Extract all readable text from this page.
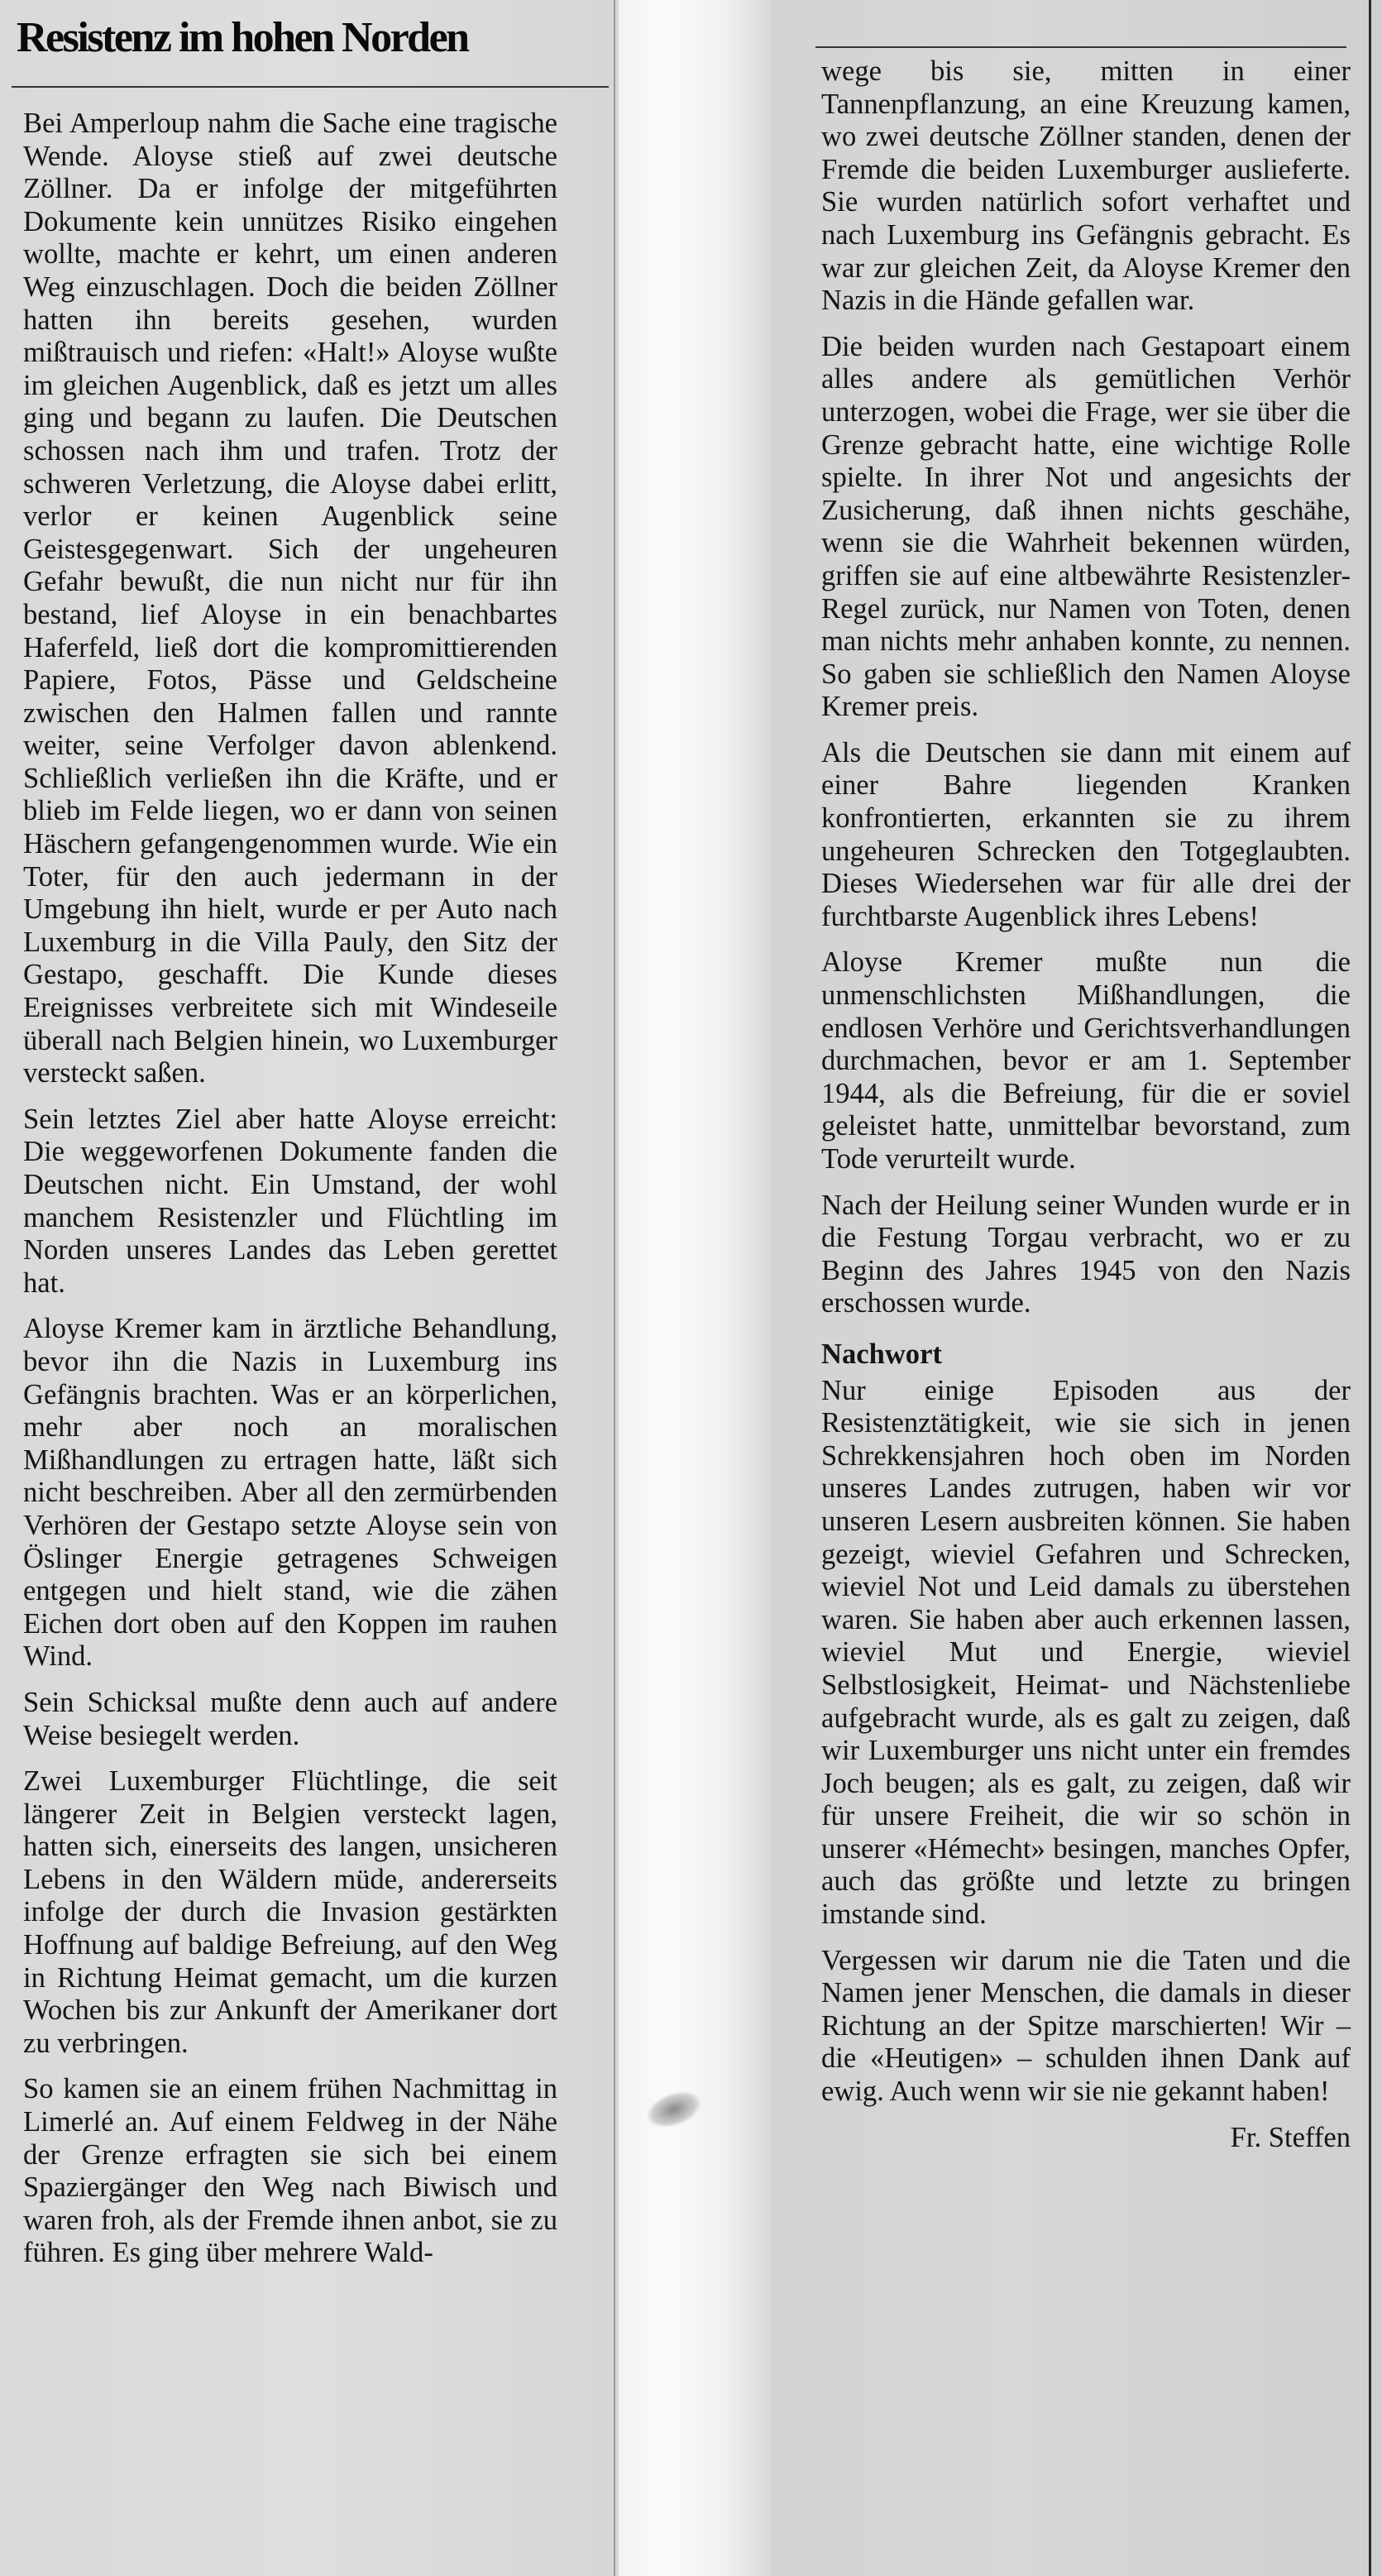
Resistenz im hohen Norden

Bei Amperloup nahm die Sache eine tragische Wende. Aloyse stieß auf zwei deutsche Zöllner. Da er infolge der mitgeführten Dokumente kein unnützes Risiko eingehen wollte, machte er kehrt, um einen anderen Weg einzuschlagen. Doch die beiden Zöllner hatten ihn bereits gesehen, wurden mißtrauisch und riefen: «Halt!» Aloyse wußte im gleichen Augenblick, daß es jetzt um alles ging und begann zu laufen. Die Deutschen schossen nach ihm und trafen. Trotz der schweren Verletzung, die Aloyse dabei erlitt, verlor er keinen Augenblick seine Geistesgegenwart. Sich der ungeheuren Gefahr bewußt, die nun nicht nur für ihn bestand, lief Aloyse in ein benachbartes Haferfeld, ließ dort die kompromittierenden Papiere, Fotos, Pässe und Geldscheine zwischen den Halmen fallen und rannte weiter, seine Verfolger davon ablenkend. Schließlich verließen ihn die Kräfte, und er blieb im Felde liegen, wo er dann von seinen Häschern gefangengenommen wurde. Wie ein Toter, für den auch jedermann in der Umgebung ihn hielt, wurde er per Auto nach Luxemburg in die Villa Pauly, den Sitz der Gestapo, geschafft. Die Kunde dieses Ereignisses verbreitete sich mit Windeseile überall nach Belgien hinein, wo Luxemburger versteckt saßen.

Sein letztes Ziel aber hatte Aloyse erreicht: Die weggeworfenen Dokumente fanden die Deutschen nicht. Ein Umstand, der wohl manchem Resistenzler und Flüchtling im Norden unseres Landes das Leben gerettet hat.

Aloyse Kremer kam in ärztliche Behandlung, bevor ihn die Nazis in Luxemburg ins Gefängnis brachten. Was er an körperlichen, mehr aber noch an moralischen Mißhandlungen zu ertragen hatte, läßt sich nicht beschreiben. Aber all den zermürbenden Verhören der Gestapo setzte Aloyse sein von Öslinger Energie getragenes Schweigen entgegen und hielt stand, wie die zähen Eichen dort oben auf den Koppen im rauhen Wind.

Sein Schicksal mußte denn auch auf andere Weise besiegelt werden.

Zwei Luxemburger Flüchtlinge, die seit längerer Zeit in Belgien versteckt lagen, hatten sich, einerseits des langen, unsicheren Lebens in den Wäldern müde, andererseits infolge der durch die Invasion gestärkten Hoffnung auf baldige Befreiung, auf den Weg in Richtung Heimat gemacht, um die kurzen Wochen bis zur Ankunft der Amerikaner dort zu verbringen.

So kamen sie an einem frühen Nachmittag in Limerlé an. Auf einem Feldweg in der Nähe der Grenze erfragten sie sich bei einem Spaziergänger den Weg nach Biwisch und waren froh, als der Fremde ihnen anbot, sie zu führen. Es ging über mehrere Wald-

wege bis sie, mitten in einer Tannenpflanzung, an eine Kreuzung kamen, wo zwei deutsche Zöllner standen, denen der Fremde die beiden Luxemburger auslieferte. Sie wurden natürlich sofort verhaftet und nach Luxemburg ins Gefängnis gebracht. Es war zur gleichen Zeit, da Aloyse Kremer den Nazis in die Hände gefallen war.

Die beiden wurden nach Gestapoart einem alles andere als gemütlichen Verhör unterzogen, wobei die Frage, wer sie über die Grenze gebracht hatte, eine wichtige Rolle spielte. In ihrer Not und angesichts der Zusicherung, daß ihnen nichts geschähe, wenn sie die Wahrheit bekennen würden, griffen sie auf eine altbewährte Resistenzler-Regel zurück, nur Namen von Toten, denen man nichts mehr anhaben konnte, zu nennen. So gaben sie schließlich den Namen Aloyse Kremer preis.

Als die Deutschen sie dann mit einem auf einer Bahre liegenden Kranken konfrontierten, erkannten sie zu ihrem ungeheuren Schrecken den Totgeglaubten. Dieses Wiedersehen war für alle drei der furchtbarste Augenblick ihres Lebens!

Aloyse Kremer mußte nun die unmenschlichsten Mißhandlungen, die endlosen Verhöre und Gerichtsverhandlungen durchmachen, bevor er am 1. September 1944, als die Befreiung, für die er soviel geleistet hatte, unmittelbar bevorstand, zum Tode verurteilt wurde.

Nach der Heilung seiner Wunden wurde er in die Festung Torgau verbracht, wo er zu Beginn des Jahres 1945 von den Nazis erschossen wurde.

Nachwort

Nur einige Episoden aus der Resistenztätigkeit, wie sie sich in jenen Schrekkensjahren hoch oben im Norden unseres Landes zutrugen, haben wir vor unseren Lesern ausbreiten können. Sie haben gezeigt, wieviel Gefahren und Schrecken, wieviel Not und Leid damals zu überstehen waren. Sie haben aber auch erkennen lassen, wieviel Mut und Energie, wieviel Selbstlosigkeit, Heimat- und Nächstenliebe aufgebracht wurde, als es galt zu zeigen, daß wir Luxemburger uns nicht unter ein fremdes Joch beugen; als es galt, zu zeigen, daß wir für unsere Freiheit, die wir so schön in unserer «Hémecht» besingen, manches Opfer, auch das größte und letzte zu bringen imstande sind.

Vergessen wir darum nie die Taten und die Namen jener Menschen, die damals in dieser Richtung an der Spitze marschierten! Wir – die «Heutigen» – schulden ihnen Dank auf ewig. Auch wenn wir sie nie gekannt haben!

Fr. Steffen
